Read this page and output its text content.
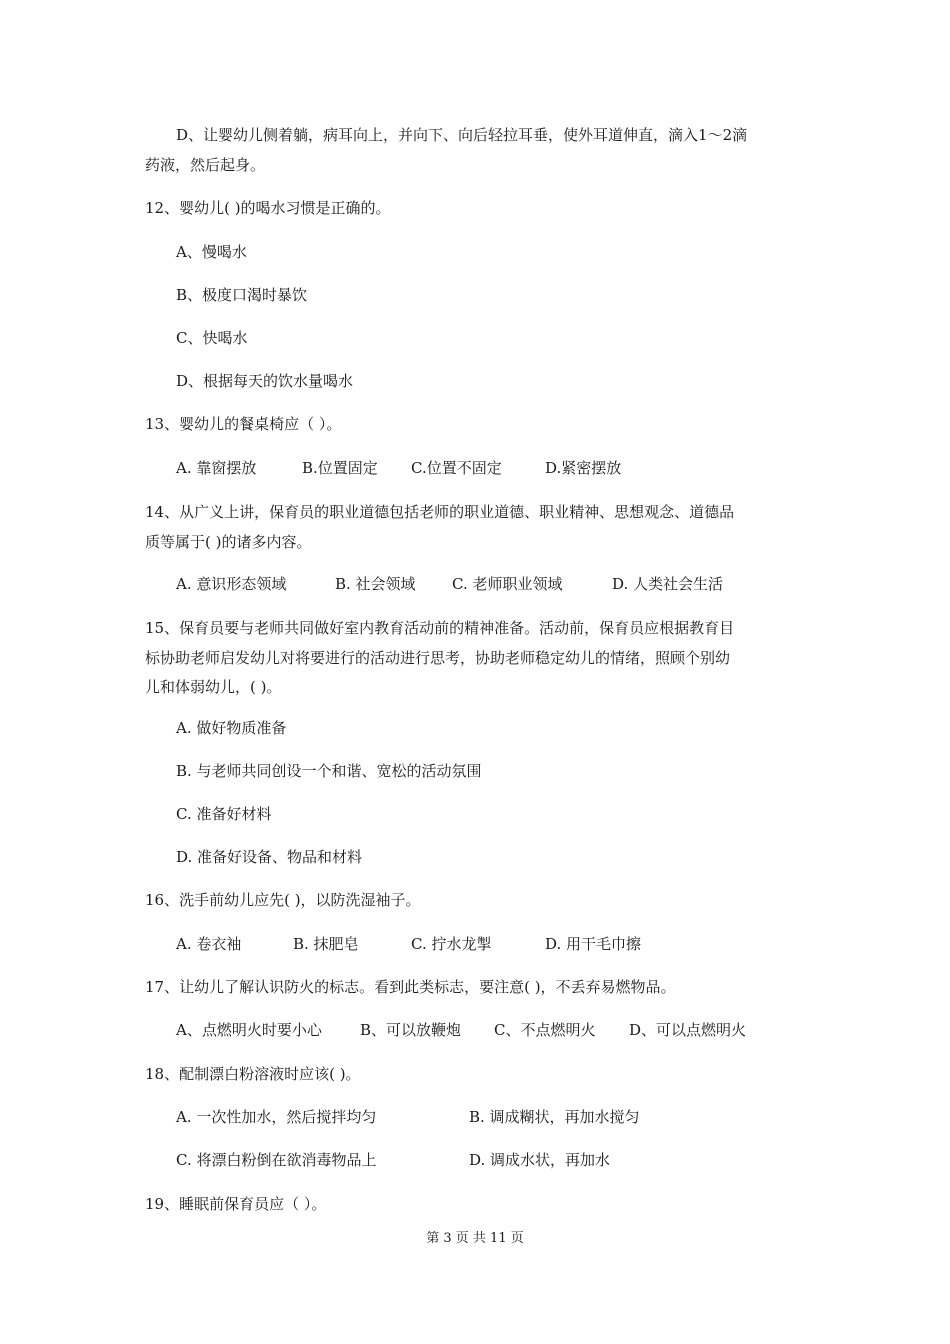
D、让婴幼儿侧着躺，病耳向上，并向下、向后轻拉耳垂，使外耳道伸直，滴入1～2滴
药液，然后起身。
12、婴幼儿( )的喝水习惯是正确的。
A、慢喝水
B、极度口渴时暴饮
C、快喝水
D、根据每天的饮水量喝水
13、婴幼儿的餐桌椅应（ ）。
A. 靠窗摆放	B.位置固定 C.位置不固定	D.紧密摆放
14、从广义上讲，保育员的职业道德包括老师的职业道德、职业精神、思想观念、道德品
质等属于( )的诸多内容。
A. 意识形态领域	B. 社会领域 C. 老师职业领域	D. 人类社会生活
15、保育员要与老师共同做好室内教育活动前的精神准备。活动前，保育员应根据教育目
标协助老师启发幼儿对将要进行的活动进行思考，协助老师稳定幼儿的情绪，照顾个别幼
儿和体弱幼儿，( )。
A. 做好物质准备
B. 与老师共同创设一个和谐、宽松的活动氛围
C. 准备好材料
D. 准备好设备、物品和材料
16、洗手前幼儿应先( )，以防洗湿袖子。
A. 卷衣袖	B. 抹肥皂	C. 拧水龙掣	D. 用干毛巾擦
17、让幼儿了解认识防火的标志。看到此类标志，要注意( )，不丢弃易燃物品。
A、点燃明火时要小心	B、可以放鞭炮 C、不点燃明火 D、可以点燃明火
18、配制漂白粉溶液时应该( )。
A. 一次性加水，然后搅拌均匀	B. 调成糊状，再加水搅匀
C. 将漂白粉倒在欲消毒物品上	D. 调成水状，再加水
19、睡眠前保育员应（ ）。
第 3 页 共 11 页
